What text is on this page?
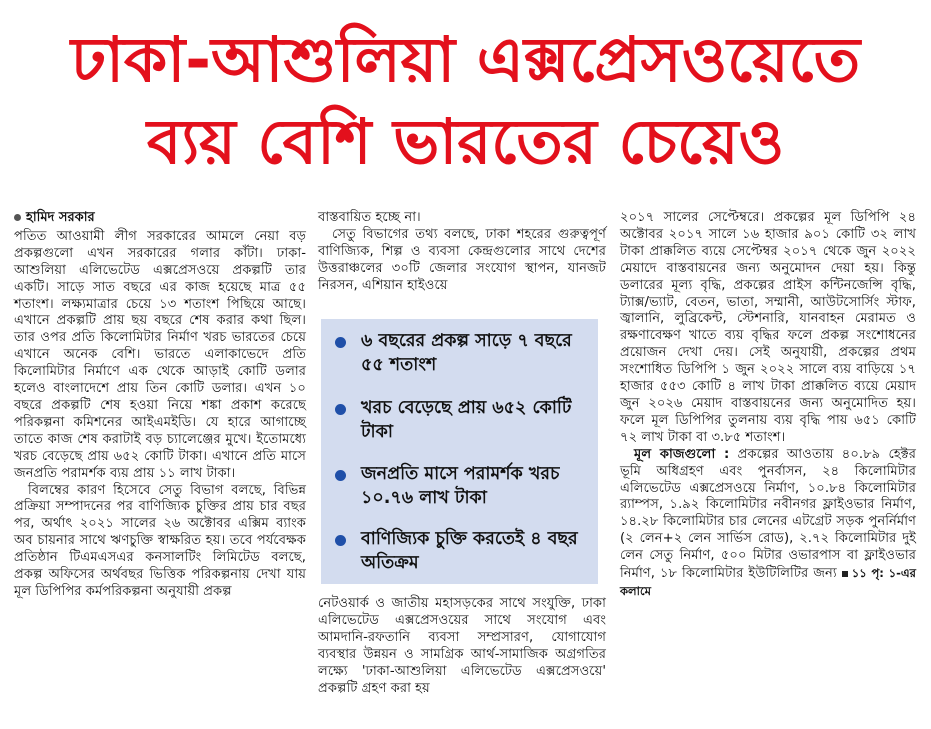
ঢাকা-আশুলিয়া এক্সপ্রেসওয়েতে
ব্যয় বেশি ভারতের চেয়েও
হামিদ সরকার

পতিত আওয়ামী লীগ সরকারের আমলে নেয়া বড় প্রকল্পগুলো এখন সরকারের গলার কাঁটা। ঢাকা-আশুলিয়া এলিভেটেড এক্সপ্রেসওয়ে প্রকল্পটি তার একটি। সাড়ে সাত বছরে এর কাজ হয়েছে মাত্র ৫৫ শতাংশ। লক্ষ্যমাত্রার চেয়ে ১৩ শতাংশ পিছিয়ে আছে। এখানে প্রকল্পটি প্রায় ছয় বছরে শেষ করার কথা ছিল। তার ওপর প্রতি কিলোমিটার নির্মাণ খরচ ভারতের চেয়ে এখানে অনেক বেশি। ভারতে এলাকাভেদে প্রতি কিলোমিটার নির্মাণে এক থেকে আড়াই কোটি ডলার হলেও বাংলাদেশে প্রায় তিন কোটি ডলার। এখন ১০ বছরে প্রকল্পটি শেষ হওয়া নিয়ে শঙ্কা প্রকাশ করেছে পরিকল্পনা কমিশনের আইএমইডি। যে হারে আগাচ্ছে তাতে কাজ শেষ করাটাই বড় চ্যালেঞ্জের মুখে। ইতোমধ্যে খরচ বেড়েছে প্রায় ৬৫২ কোটি টাকা। এখানে প্রতি মাসে জনপ্রতি পরামর্শক ব্যয় প্রায় ১১ লাখ টাকা।

বিলম্বের কারণ হিসেবে সেতু বিভাগ বলছে, বিভিন্ন প্রক্রিয়া সম্পাদনের পর বাণিজ্যিক চুক্তির প্রায় চার বছর পর, অর্থাৎ ২০২১ সালের ২৬ অক্টোবর এক্সিম ব্যাংক অব চায়নার সাথে ঋণচুক্তি স্বাক্ষরিত হয়। তবে পর্যবেক্ষক প্রতিষ্ঠান টিএমএসএর কনসালটিং লিমিটেড বলছে, প্রকল্প অফিসের অর্থবছর ভিত্তিক পরিকল্পনায় দেখা যায় মূল ডিপিপির কর্মপরিকল্পনা অনুযায়ী প্রকল্প

বাস্তবায়িত হচ্ছে না।

সেতু বিভাগের তথ্য বলছে, ঢাকা শহরের গুরুত্বপূর্ণ বাণিজ্যিক, শিল্প ও ব্যবসা কেন্দ্রগুলোর সাথে দেশের উত্তরাঞ্চলের ৩০টি জেলার সংযোগ স্থাপন, যানজট নিরসন, এশিয়ান হাইওয়ে

৬ বছরের প্রকল্প সাড়ে ৭ বছরে ৫৫ শতাংশ
খরচ বেড়েছে প্রায় ৬৫২ কোটি টাকা
জনপ্রতি মাসে পরামর্শক খরচ ১০.৭৬ লাখ টাকা
বাণিজ্যিক চুক্তি করতেই ৪ বছর অতিক্রম

নেটওয়ার্ক ও জাতীয় মহাসড়কের সাথে সংযুক্তি, ঢাকা এলিভেটেড এক্সপ্রেসওয়ের সাথে সংযোগ এবং আমদানি-রফতানি ব্যবসা সম্প্রসারণ, যোগাযোগ ব্যবস্থার উন্নয়ন ও সামগ্রিক আর্থ-সামাজিক অগ্রগতির লক্ষ্যে 'ঢাকা-আশুলিয়া এলিভেটেড এক্সপ্রেসওয়ে' প্রকল্পটি গ্রহণ করা হয়

২০১৭ সালের সেপ্টেম্বরে। প্রকল্পের মূল ডিপিপি ২৪ অক্টোবর ২০১৭ সালে ১৬ হাজার ৯০১ কোটি ৩২ লাখ টাকা প্রাক্কলিত ব্যয়ে সেপ্টেম্বর ২০১৭ থেকে জুন ২০২২ মেয়াদে বাস্তবায়নের জন্য অনুমোদন দেয়া হয়। কিন্তু ডলারের মূল্য বৃদ্ধি, প্রকল্পের প্রাইস কন্টিনজেন্সি বৃদ্ধি, ট্যাক্স/ভ্যাট, বেতন, ভাতা, সম্মানী, আউটসোর্সিং স্টাফ, জ্বালানি, লুব্রিকেন্ট, স্টেশনারি, যানবাহন মেরামত ও রক্ষণাবেক্ষণ খাতে ব্যয় বৃদ্ধির ফলে প্রকল্প সংশোধনের প্রয়োজন দেখা দেয়। সেই অনুযায়ী, প্রকল্পের প্রথম সংশোধিত ডিপিপি ১ জুন ২০২২ সালে ব্যয় বাড়িয়ে ১৭ হাজার ৫৫৩ কোটি ৪ লাখ টাকা প্রাক্কলিত ব্যয়ে মেয়াদ জুন ২০২৬ মেয়াদ বাস্তবায়নের জন্য অনুমোদিত হয়। ফলে মূল ডিপিপির তুলনায় ব্যয় বৃদ্ধি পায় ৬৫১ কোটি ৭২ লাখ টাকা বা ৩.৮৫ শতাংশ।

মূল কাজগুলো : প্রকল্পের আওতায় ৪০.৮৯ হেক্টর ভূমি অধিগ্রহণ এবং পুনর্বাসন, ২৪ কিলোমিটার এলিভেটেড এক্সপ্রেসওয়ে নির্মাণ, ১০.৮৪ কিলোমিটার র‌্যাম্পস, ১.৯২ কিলোমিটার নবীনগর ফ্লাইওভার নির্মাণ, ১৪.২৮ কিলোমিটার চার লেনের এটগ্রেট সড়ক পুনর্নির্মাণ (২ লেন+২ লেন সার্ভিস রোড), ২.৭২ কিলোমিটার দুই লেন সেতু নির্মাণ, ৫০০ মিটার ওভারপাস বা ফ্লাইওভার নির্মাণ, ১৮ কিলোমিটার ইউটিলিটির জন্য ১১ পৃ: ১-এর কলামে
